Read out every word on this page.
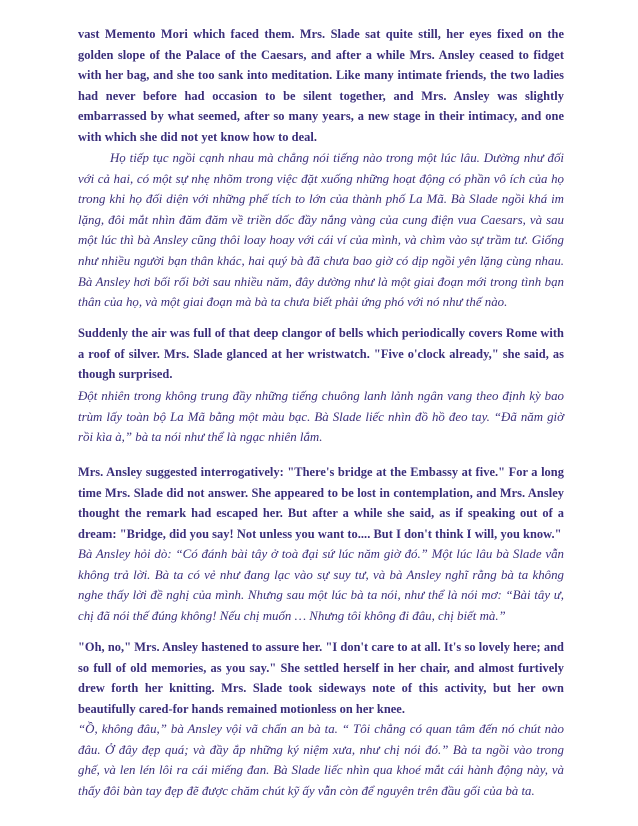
vast Memento Mori which faced them. Mrs. Slade sat quite still, her eyes fixed on the golden slope of the Palace of the Caesars, and after a while Mrs. Ansley ceased to fidget with her bag, and she too sank into meditation. Like many intimate friends, the two ladies had never before had occasion to be silent together, and Mrs. Ansley was slightly embarrassed by what seemed, after so many years, a new stage in their intimacy, and one with which she did not yet know how to deal.

Họ tiếp tục ngồi cạnh nhau mà chẳng nói tiếng nào trong một lúc lâu. Dường như đối với cả hai, có một sự nhẹ nhõm trong việc đặt xuống những hoạt động có phần vô ích của họ trong khi họ đối diện với những phế tích to lớn của thành phố La Mã. Bà Slade ngồi khá im lặng, đôi mắt nhìn đăm đăm về triền dốc đầy nắng vàng của cung điện vua Caesars, và sau một lúc thì bà Ansley cũng thôi loay hoay với cái ví của mình, và chìm vào sự trầm tư. Giống như nhiều người bạn thân khác, hai quý bà đã chưa bao giờ có dịp ngồi yên lặng cùng nhau. Bà Ansley hơi bối rối bởi sau nhiều năm, đây dường như là một giai đoạn mới trong tình bạn thân của họ, và một giai đoạn mà bà ta chưa biết phải ứng phó với nó như thế nào.

Suddenly the air was full of that deep clangor of bells which periodically covers Rome with a roof of silver. Mrs. Slade glanced at her wristwatch. "Five o'clock already," she said, as though surprised.

Đột nhiên trong không trung đầy những tiếng chuông lanh lảnh ngân vang theo định kỳ bao trùm lấy toàn bộ La Mã bằng một màu bạc. Bà Slade liếc nhìn đồ hồ đeo tay. “Đã năm giờ rồi kìa à,” bà ta nói như thể là ngạc nhiên lắm.

Mrs. Ansley suggested interrogatively: "There's bridge at the Embassy at five." For a long time Mrs. Slade did not answer. She appeared to be lost in contemplation, and Mrs. Ansley thought the remark had escaped her. But after a while she said, as if speaking out of a dream: "Bridge, did you say! Not unless you want to.... But I don't think I will, you know."

Bà Ansley hỏi dò: “Có đánh bài tây ở toà đại sứ lúc năm giờ đó.” Một lúc lâu bà Slade vẫn không trả lời. Bà ta có vẻ như đang lạc vào sự suy tư, và bà Ansley nghĩ rằng bà ta không nghe thấy lời đề nghị của mình. Nhưng sau một lúc bà ta nói, như thể là nói mơ: “Bài tây ư, chị đã nói thế đúng không! Nếu chị muốn … Nhưng tôi không đi đâu, chị biết mà.”

"Oh, no," Mrs. Ansley hastened to assure her. "I don't care to at all. It's so lovely here; and so full of old memories, as you say." She settled herself in her chair, and almost furtively drew forth her knitting. Mrs. Slade took sideways note of this activity, but her own beautifully cared-for hands remained motionless on her knee.

“Ồ, không đâu,” bà Ansley vội vã chấn an bà ta. “ Tôi chẳng có quan tâm đến nó chút nào đâu. Ở đây đẹp quá; và đầy ắp những ký niệm xưa, như chị nói đó.” Bà ta ngồi vào trong ghế, và len lén lôi ra cái miếng đan. Bà Slade liếc nhìn qua khoé mắt cái hành động này, và thấy đôi bàn tay đẹp đẽ được chăm chút kỹ ấy vẫn còn để nguyên trên đầu gối của bà ta.
